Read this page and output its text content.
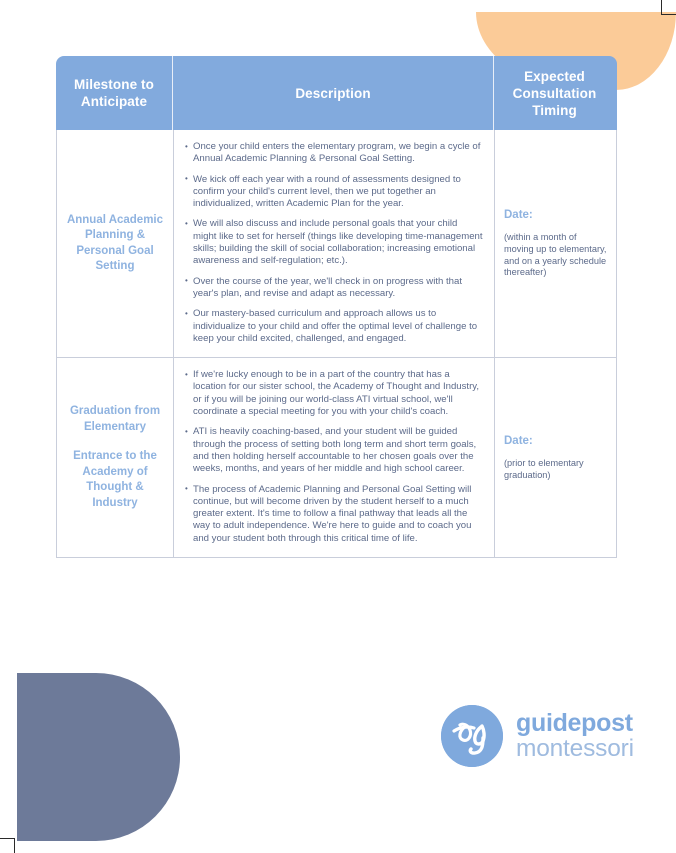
Milestone to Anticipate
Description
Expected Consultation Timing
Annual Academic Planning & Personal Goal Setting
• Once your child enters the elementary program, we begin a cycle of Annual Academic Planning & Personal Goal Setting.
• We kick off each year with a round of assessments designed to confirm your child's current level, then we put together an individualized, written Academic Plan for the year.
• We will also discuss and include personal goals that your child might like to set for herself (things like developing time-management skills; building the skill of social collaboration; increasing emotional awareness and self-regulation; etc.).
• Over the course of the year, we'll check in on progress with that year's plan, and revise and adapt as necessary.
• Our mastery-based curriculum and approach allows us to individualize to your child and offer the optimal level of challenge to keep your child excited, challenged, and engaged.
Date:
(within a month of moving up to elementary, and on a yearly schedule thereafter)
Graduation from Elementary
Entrance to the Academy of Thought & Industry
• If we're lucky enough to be in a part of the country that has a location for our sister school, the Academy of Thought and Industry, or if you will be joining our world-class ATI virtual school, we'll coordinate a special meeting for you with your child's coach.
• ATI is heavily coaching-based, and your student will be guided through the process of setting both long term and short term goals, and then holding herself accountable to her chosen goals over the weeks, months, and years of her middle and high school career.
• The process of Academic Planning and Personal Goal Setting will continue, but will become driven by the student herself to a much greater extent. It's time to follow a final pathway that leads all the way to adult independence. We're here to guide and to coach you and your student both through this critical time of life.
Date:
(prior to elementary graduation)
guidepost
montessori
